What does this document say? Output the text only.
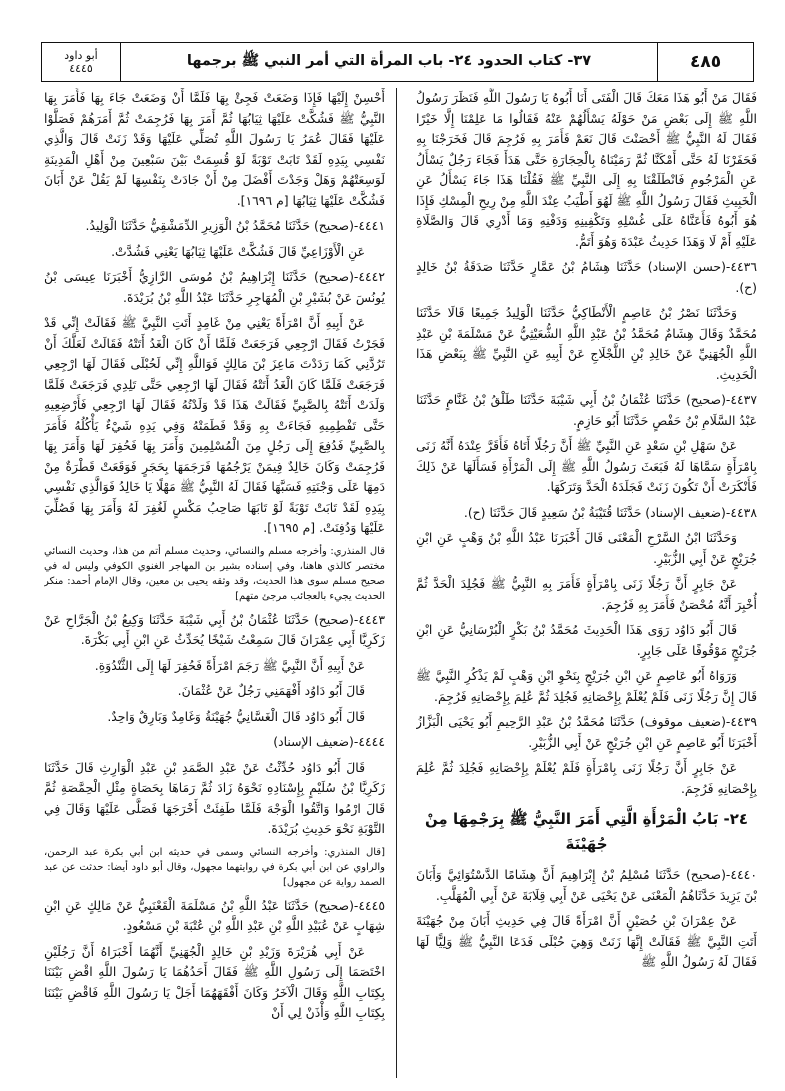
٤٨٥
٣٧- كتاب الحدود ٢٤- باب المرأة التي أمر النبي ﷺ برجمها
أبو داود
٤٤٤٥

فَقَالَ مَنْ أَبُو هَذَا مَعَكَ قَالَ الْفَتَى أَنَا أَبُوهُ يَا رَسُولَ اللَّهِ فَنَظَرَ رَسُولُ اللَّهِ ﷺ إِلَى بَعْضِ مَنْ حَوْلَهُ يَسْأَلُهُمْ عَنْهُ فَقَالُوا مَا عَلِمْنَا إِلَّا خَيْرًا فَقَالَ لَهُ النَّبِيُّ ﷺ أَحْصَنْتَ قَالَ نَعَمْ فَأَمَرَ بِهِ فَرُجِمَ قَالَ فَخَرَجْنَا بِهِ فَحَفَرْنَا لَهُ حَتَّى أَمْكَنَّا ثُمَّ رَمَيْنَاهُ بِالْحِجَارَةِ حَتَّى هَدَأَ فَجَاءَ رَجُلٌ يَسْأَلُ عَنِ الْمَرْجُومِ فَانْطَلَقْنَا بِهِ إِلَى النَّبِيِّ ﷺ فَقُلْنَا هَذَا جَاءَ يَسْأَلُ عَنِ الْخَبِيثِ فَقَالَ رَسُولُ اللَّهِ ﷺ لَهُوَ أَطْيَبُ عِنْدَ اللَّهِ مِنْ رِيحِ الْمِسْكِ فَإِذَا هُوَ أَبُوهُ فَأَعَنَّاهُ عَلَى غُسْلِهِ وَتَكْفِينِهِ وَدَفْنِهِ وَمَا أَدْرِي قَالَ وَالصَّلَاةِ عَلَيْهِ أَمْ لَا وَهَذَا حَدِيثُ عَبْدَةَ وَهُوَ أَتَمُّ.

٤٤٣٦-(حسن الإسناد) حَدَّثَنَا هِشَامُ بْنُ عَمَّارٍ حَدَّثَنَا صَدَقَةُ بْنُ خَالِدٍ (ح).

وَحَدَّثَنَا نَصْرُ بْنُ عَاصِمٍ الْأَنْطَاكِيُّ حَدَّثَنَا الْوَلِيدُ جَمِيعًا قَالَا حَدَّثَنَا مُحَمَّدٌ وَقَالَ هِشَامٌ مُحَمَّدُ بْنُ عَبْدِ اللَّهِ الشُّعَيْثِيُّ عَنْ مَسْلَمَةَ بْنِ عَبْدِ اللَّهِ الْجُهَنِيِّ عَنْ خَالِدِ بْنِ اللَّجْلَاجِ عَنْ أَبِيهِ عَنِ النَّبِيِّ ﷺ بِبَعْضِ هَذَا الْحَدِيثِ.

٤٤٣٧-(صحيح) حَدَّثَنَا عُثْمَانُ بْنُ أَبِي شَيْبَةَ حَدَّثَنَا طَلْقُ بْنُ غَنَّامٍ حَدَّثَنَا عَبْدُ السَّلَامِ بْنُ حَفْصٍ حَدَّثَنَا أَبُو حَازِمٍ.

عَنْ سَهْلِ بْنِ سَعْدٍ عَنِ النَّبِيِّ ﷺ أَنَّ رَجُلًا أَتَاهُ فَأَقَرَّ عِنْدَهُ أَنَّهُ زَنَى بِامْرَأَةٍ سَمَّاهَا لَهُ فَبَعَثَ رَسُولُ اللَّهِ ﷺ إِلَى الْمَرْأَةِ فَسَأَلَهَا عَنْ ذَلِكَ فَأَنْكَرَتْ أَنْ تَكُونَ زَنَتْ فَجَلَدَهُ الْحَدَّ وَتَرَكَهَا.

٤٤٣٨-(ضعيف الإسناد) حَدَّثَنَا قُتَيْبَةُ بْنُ سَعِيدٍ قَالَ حَدَّثَنَا (ح).

وَحَدَّثَنَا ابْنُ السَّرْحِ الْمَعْنَى قَالَ أَخْبَرَنَا عَبْدُ اللَّهِ بْنُ وَهْبٍ عَنِ ابْنِ جُرَيْجٍ عَنْ أَبِي الزُّبَيْرِ.

عَنْ جَابِرٍ أَنَّ رَجُلًا زَنَى بِامْرَأَةٍ فَأَمَرَ بِهِ النَّبِيُّ ﷺ فَجُلِدَ الْحَدَّ ثُمَّ أُخْبِرَ أَنَّهُ مُحْصَنٌ فَأَمَرَ بِهِ فَرُجِمَ.

قَالَ أَبُو دَاوُد رَوَى هَذَا الْحَدِيثَ مُحَمَّدُ بْنُ بَكْرٍ الْبُرْسَانِيُّ عَنِ ابْنِ جُرَيْجٍ مَوْقُوفًا عَلَى جَابِرٍ.

وَرَوَاهُ أَبُو عَاصِمٍ عَنِ ابْنِ جُرَيْجٍ بِنَحْوِ ابْنِ وَهْبٍ لَمْ يَذْكُرِ النَّبِيَّ ﷺ قَالَ إِنَّ رَجُلًا زَنَى فَلَمْ يُعْلَمْ بِإِحْصَانِهِ فَجُلِدَ ثُمَّ عُلِمَ بِإِحْصَانِهِ فَرُجِمَ.

٤٤٣٩-(ضعيف موقوف) حَدَّثَنَا مُحَمَّدُ بْنُ عَبْدِ الرَّحِيمِ أَبُو يَحْيَى الْبَزَّازُ أَخْبَرَنَا أَبُو عَاصِمٍ عَنِ ابْنِ جُرَيْجٍ عَنْ أَبِي الزُّبَيْرِ.

عَنْ جَابِرٍ أَنَّ رَجُلًا زَنَى بِامْرَأَةٍ فَلَمْ يُعْلَمْ بِإِحْصَانِهِ فَجُلِدَ ثُمَّ عُلِمَ بِإِحْصَانِهِ فَرُجِمَ.

٢٤- بَابُ الْمَرْأَةِ الَّتِي أَمَرَ النَّبِيُّ ﷺ بِرَجْمِهَا مِنْ جُهَيْنَةَ

٤٤٤٠-(صحيح) حَدَّثَنَا مُسْلِمُ بْنُ إِبْرَاهِيمَ أَنَّ هِشَامًا الدَّسْتُوَائِيَّ وَأَبَانَ بْنَ يَزِيدَ حَدَّثَاهُمُ الْمَعْنَى عَنْ يَحْيَى عَنْ أَبِي قِلَابَةَ عَنْ أَبِي الْمُهَلَّبِ.

عَنْ عِمْرَانَ بْنِ حُصَيْنٍ أَنَّ امْرَأَةً قَالَ فِي حَدِيثِ أَبَانَ مِنْ جُهَيْنَةَ أَتَتِ النَّبِيَّ ﷺ فَقَالَتْ إِنَّهَا زَنَتْ وَهِيَ حُبْلَى فَدَعَا النَّبِيُّ ﷺ وَلِيًّا لَهَا فَقَالَ لَهُ رَسُولُ اللَّهِ ﷺ

أَحْسِنْ إِلَيْهَا فَإِذَا وَضَعَتْ فَجِئْ بِهَا فَلَمَّا أَنْ وَضَعَتْ جَاءَ بِهَا فَأَمَرَ بِهَا النَّبِيُّ ﷺ فَشُكَّتْ عَلَيْهَا ثِيَابُهَا ثُمَّ أَمَرَ بِهَا فَرُجِمَتْ ثُمَّ أَمَرَهُمْ فَصَلَّوْا عَلَيْهَا فَقَالَ عُمَرُ يَا رَسُولَ اللَّهِ تُصَلِّي عَلَيْهَا وَقَدْ زَنَتْ قَالَ وَالَّذِي نَفْسِي بِيَدِهِ لَقَدْ تَابَتْ تَوْبَةً لَوْ قُسِمَتْ بَيْنَ سَبْعِينَ مِنْ أَهْلِ الْمَدِينَةِ لَوَسِعَتْهُمْ وَهَلْ وَجَدْتَ أَفْضَلَ مِنْ أَنْ جَادَتْ بِنَفْسِهَا لَمْ يَقُلْ عَنْ أَبَانَ فَشُكَّتْ عَلَيْهَا ثِيَابُهَا [م ١٦٩٦].

٤٤٤١-(صحيح) حَدَّثَنَا مُحَمَّدُ بْنُ الْوَزِيرِ الدِّمَشْقِيُّ حَدَّثَنَا الْوَلِيدُ.

عَنِ الْأَوْزَاعِيِّ قَالَ فَشُكَّتْ عَلَيْهَا ثِيَابُهَا يَعْنِي فَشُدَّتْ.

٤٤٤٢-(صحيح) حَدَّثَنَا إِبْرَاهِيمُ بْنُ مُوسَى الرَّازِيُّ أَخْبَرَنَا عِيسَى بْنُ يُونُسَ عَنْ بُشَيْرِ بْنِ الْمُهَاجِرِ حَدَّثَنَا عَبْدُ اللَّهِ بْنُ بُرَيْدَةَ.

عَنْ أَبِيهِ أَنَّ امْرَأَةً يَعْنِي مِنْ غَامِدٍ أَتَتِ النَّبِيَّ ﷺ فَقَالَتْ إِنِّي قَدْ فَجَرْتُ فَقَالَ ارْجِعِي فَرَجَعَتْ فَلَمَّا أَنْ كَانَ الْغَدُ أَتَتْهُ فَقَالَتْ لَعَلَّكَ أَنْ تَرُدَّنِي كَمَا رَدَدْتَ مَاعِزَ بْنَ مَالِكٍ فَوَاللَّهِ إِنِّي لَحُبْلَى فَقَالَ لَهَا ارْجِعِي فَرَجَعَتْ فَلَمَّا كَانَ الْغَدُ أَتَتْهُ فَقَالَ لَهَا ارْجِعِي حَتَّى تَلِدِي فَرَجَعَتْ فَلَمَّا وَلَدَتْ أَتَتْهُ بِالصَّبِيِّ فَقَالَتْ هَذَا قَدْ وَلَدْتُهُ فَقَالَ لَهَا ارْجِعِي فَأَرْضِعِيهِ حَتَّى تَفْطِمِيهِ فَجَاءَتْ بِهِ وَقَدْ فَطَمَتْهُ وَفِي يَدِهِ شَيْءٌ يَأْكُلُهُ فَأَمَرَ بِالصَّبِيِّ فَدُفِعَ إِلَى رَجُلٍ مِنَ الْمُسْلِمِينَ وَأَمَرَ بِهَا فَحُفِرَ لَهَا وَأَمَرَ بِهَا فَرُجِمَتْ وَكَانَ خَالِدٌ فِيمَنْ يَرْجُمُهَا فَرَجَمَهَا بِحَجَرٍ فَوَقَعَتْ قَطْرَةٌ مِنْ دَمِهَا عَلَى وَجْنَتِهِ فَسَبَّهَا فَقَالَ لَهُ النَّبِيُّ ﷺ مَهْلًا يَا خَالِدُ فَوَالَّذِي نَفْسِي بِيَدِهِ لَقَدْ تَابَتْ تَوْبَةً لَوْ تَابَهَا صَاحِبُ مَكْسٍ لَغُفِرَ لَهُ وَأَمَرَ بِهَا فَصُلِّيَ عَلَيْهَا وَدُفِنَتْ. [م ١٦٩٥].

قال المنذري: وأخرجه مسلم والنسائي، وحديث مسلم أتم من هذا، وحديث النسائي مختصر كالذي هاهنا، وفي إسناده بشير بن المهاجر الغنوي الكوفي وليس له في صحيح مسلم سوى هذا الحديث، وقد وثقه يحيى بن معين، وقال الإمام أحمد: منكر الحديث يجيء بالعجائب مرجئ متهم]

٤٤٤٣-(صحيح) حَدَّثَنَا عُثْمَانُ بْنُ أَبِي شَيْبَةَ حَدَّثَنَا وَكِيعُ بْنُ الْجَرَّاحِ عَنْ زَكَرِيَّا أَبِي عِمْرَانَ قَالَ سَمِعْتُ شَيْخًا يُحَدِّثُ عَنِ ابْنِ أَبِي بَكْرَةَ.

عَنْ أَبِيهِ أَنَّ النَّبِيَّ ﷺ رَجَمَ امْرَأَةً فَحُفِرَ لَهَا إِلَى الثَّنْدُوَةِ.

قَالَ أَبُو دَاوُد أَفْهَمَنِي رَجُلٌ عَنْ عُثْمَانَ.

قَالَ أَبُو دَاوُد قَالَ الْغَسَّانِيُّ جُهَيْنَةُ وَغَامِدٌ وَبَارِقٌ وَاحِدٌ.

٤٤٤٤-(ضعيف الإسناد)

قَالَ أَبُو دَاوُد حُدِّثْتُ عَنْ عَبْدِ الصَّمَدِ بْنِ عَبْدِ الْوَارِثِ قَالَ حَدَّثَنَا زَكَرِيَّا بْنُ سُلَيْمٍ بِإِسْنَادِهِ نَحْوَهُ زَادَ ثُمَّ رَمَاهَا بِحَصَاةٍ مِثْلِ الْحِمَّصَةِ ثُمَّ قَالَ ارْمُوا وَاتَّقُوا الْوَجْهَ فَلَمَّا طَفِئَتْ أَخْرَجَهَا فَصَلَّى عَلَيْهَا وَقَالَ فِي التَّوْبَةِ نَحْوَ حَدِيثِ بُرَيْدَةَ.

[قال المنذري: وأخرجه النسائي وسمى في حديثه ابن أبي بكرة عبد الرحمن، والراوي عن ابن أبي بكرة في روايتهما مجهول، وقال أبو داود أيضا: حدثت عن عبد الصمد رواية عن مجهول]

٤٤٤٥-(صحيح) حَدَّثَنَا عَبْدُ اللَّهِ بْنُ مَسْلَمَةَ الْقَعْنَبِيُّ عَنْ مَالِكٍ عَنِ ابْنِ شِهَابٍ عَنْ عُبَيْدِ اللَّهِ بْنِ عَبْدِ اللَّهِ بْنِ عُتْبَةَ بْنِ مَسْعُودٍ.

عَنْ أَبِي هُرَيْرَةَ وَزَيْدِ بْنِ خَالِدٍ الْجُهَنِيِّ أَنَّهُمَا أَخْبَرَاهُ أَنَّ رَجُلَيْنِ اخْتَصَمَا إِلَى رَسُولِ اللَّهِ ﷺ فَقَالَ أَحَدُهُمَا يَا رَسُولَ اللَّهِ اقْضِ بَيْنَنَا بِكِتَابِ اللَّهِ وَقَالَ الْآخَرُ وَكَانَ أَفْقَهَهُمَا أَجَلْ يَا رَسُولَ اللَّهِ فَاقْضِ بَيْنَنَا بِكِتَابِ اللَّهِ وَأْذَنْ لِي أَنْ
